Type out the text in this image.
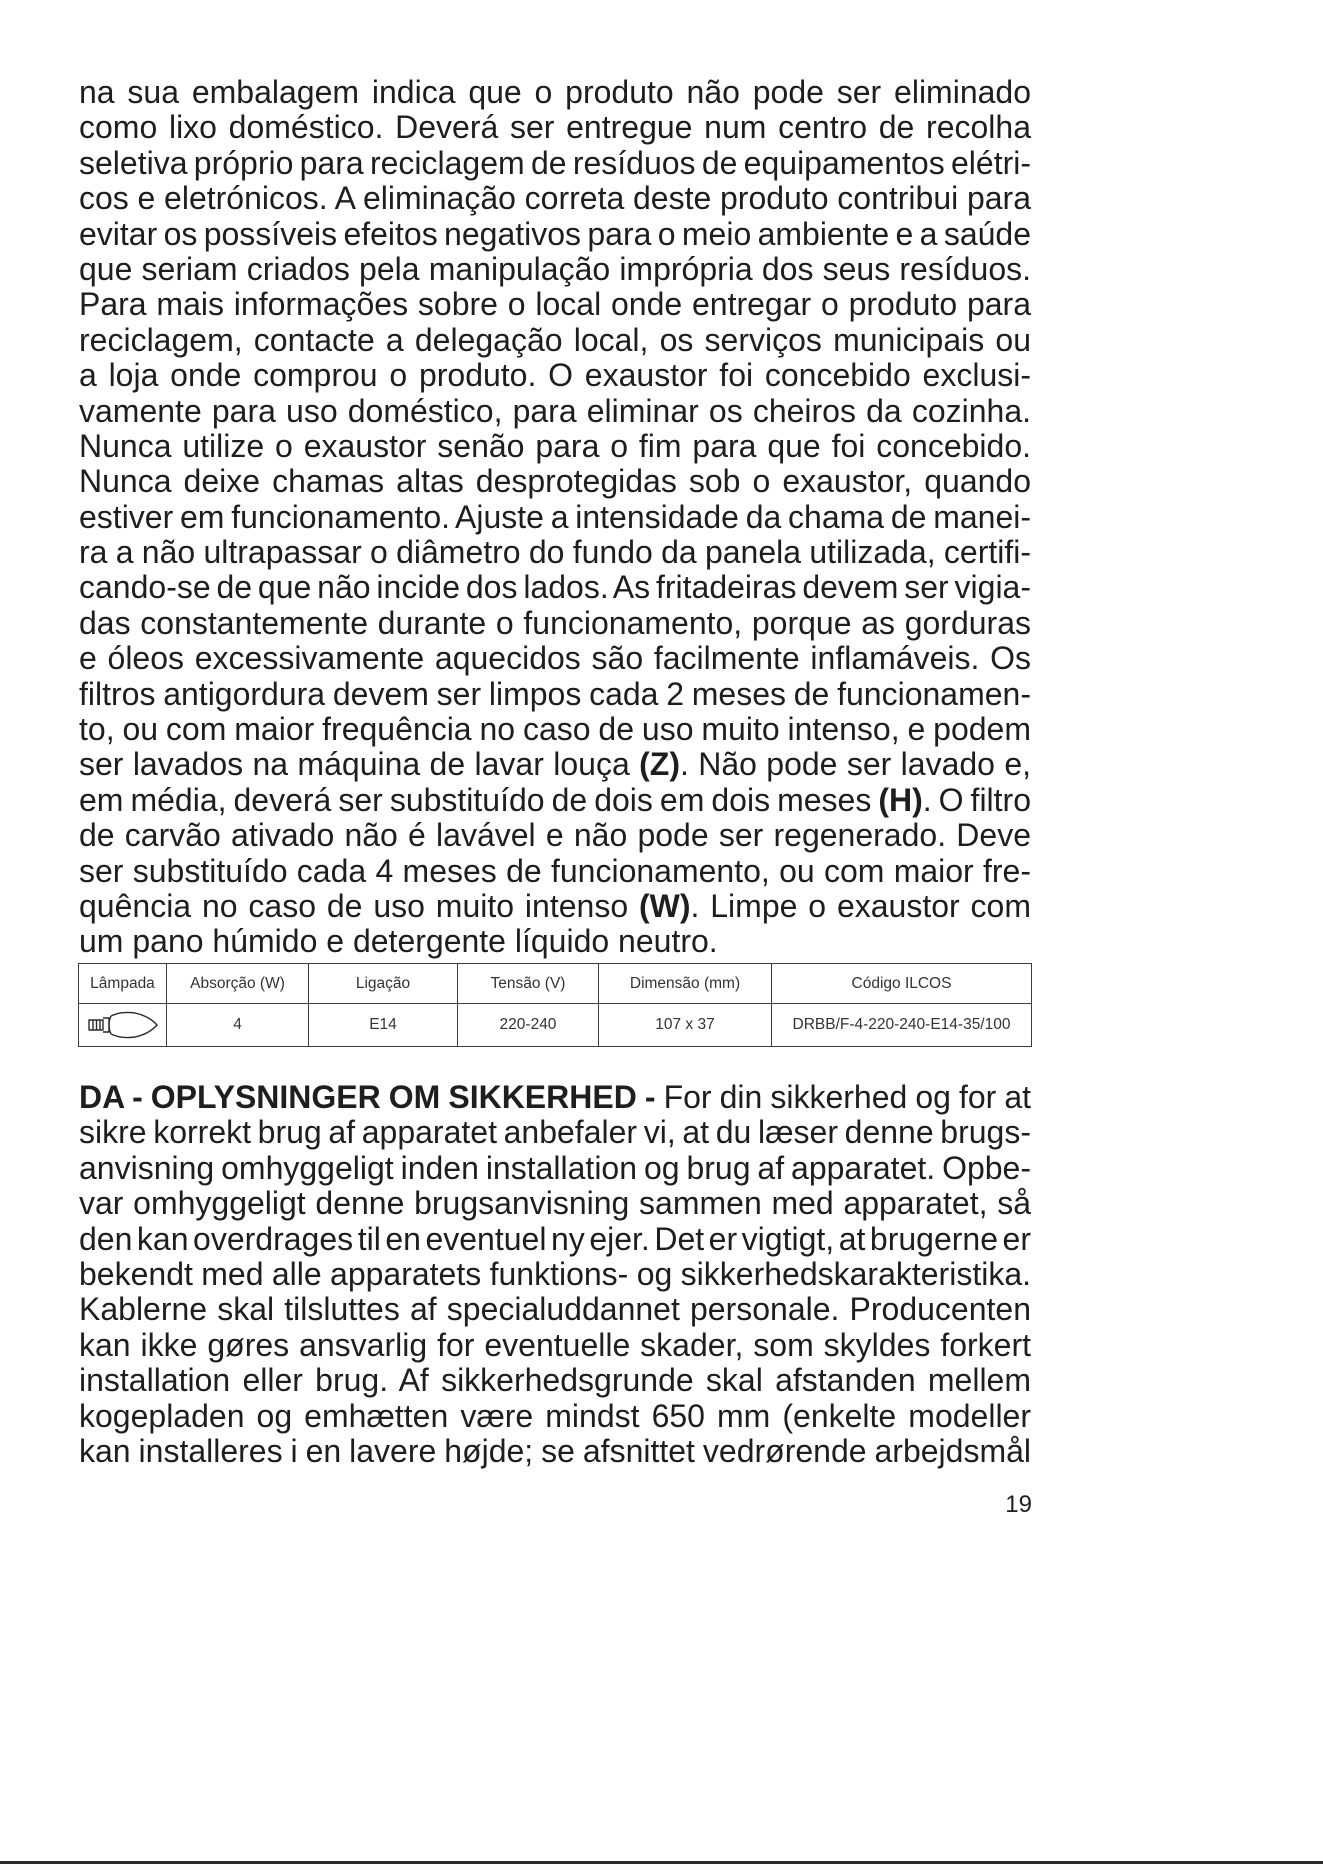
na sua embalagem indica que o produto não pode ser eliminado
como lixo doméstico. Deverá ser entregue num centro de recolha
seletiva próprio para reciclagem de resíduos de equipamentos elétri-
cos e eletrónicos. A eliminação correta deste produto contribui para
evitar os possíveis efeitos negativos para o meio ambiente e a saúde
que seriam criados pela manipulação imprópria dos seus resíduos.
Para mais informações sobre o local onde entregar o produto para
reciclagem, contacte a delegação local, os serviços municipais ou
a loja onde comprou o produto. O exaustor foi concebido exclusi-
vamente para uso doméstico, para eliminar os cheiros da cozinha.
Nunca utilize o exaustor senão para o fim para que foi concebido.
Nunca deixe chamas altas desprotegidas sob o exaustor, quando
estiver em funcionamento. Ajuste a intensidade da chama de manei-
ra a não ultrapassar o diâmetro do fundo da panela utilizada, certifi-
cando-se de que não incide dos lados. As fritadeiras devem ser vigia-
das constantemente durante o funcionamento, porque as gorduras
e óleos excessivamente aquecidos são facilmente inflamáveis. Os
filtros antigordura devem ser limpos cada 2 meses de funcionamen-
to, ou com maior frequência no caso de uso muito intenso, e podem
ser lavados na máquina de lavar louça (Z). Não pode ser lavado e,
em média, deverá ser substituído de dois em dois meses (H). O filtro
de carvão ativado não é lavável e não pode ser regenerado. Deve
ser substituído cada 4 meses de funcionamento, ou com maior fre-
quência no caso de uso muito intenso (W). Limpe o exaustor com
um pano húmido e detergente líquido neutro.
Lâmpada	Absorção (W)	Ligação	Tensão (V)	Dimensão (mm)	Código ILCOS
	4	E14	220-240	107 x 37	DRBB/F-4-220-240-E14-35/100
DA - OPLYSNINGER OM SIKKERHED - For din sikkerhed og for at
sikre korrekt brug af apparatet anbefaler vi, at du læser denne brugs-
anvisning omhyggeligt inden installation og brug af apparatet. Opbe-
var omhyggeligt denne brugsanvisning sammen med apparatet, så
den kan overdrages til en eventuel ny ejer. Det er vigtigt, at brugerne er
bekendt med alle apparatets funktions- og sikkerhedskarakteristika.
Kablerne skal tilsluttes af specialuddannet personale. Producenten
kan ikke gøres ansvarlig for eventuelle skader, som skyldes forkert
installation eller brug. Af sikkerhedsgrunde skal afstanden mellem
kogepladen og emhætten være mindst 650 mm (enkelte modeller
kan installeres i en lavere højde; se afsnittet vedrørende arbejdsmål
19
